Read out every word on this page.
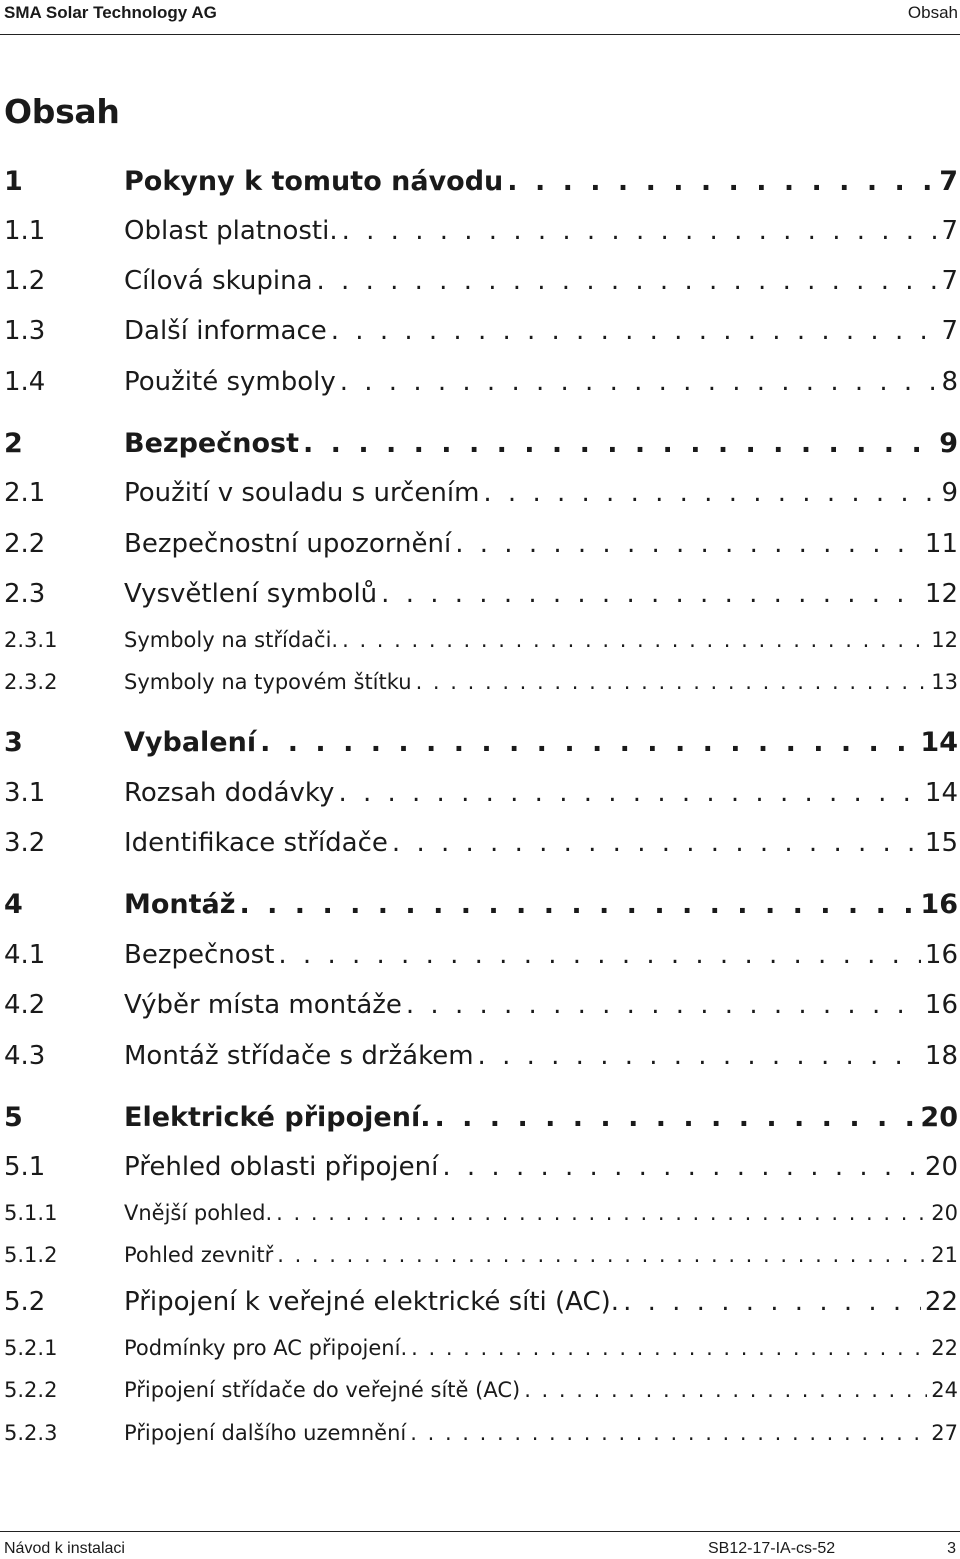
SMA Solar Technology AG	Obsah
Obsah
1	Pokyny k tomuto návodu . . .	7
1.1	Oblast platnosti. . . .	7
1.2	Cílová skupina . . .	7
1.3	Další informace . . .	7
1.4	Použité symboly . . .	8
2	Bezpečnost . . .	9
2.1	Použití v souladu s určením . . .	9
2.2	Bezpečnostní upozornění . . .	11
2.3	Vysvětlení symbolů . . .	12
2.3.1	Symboly na střídači. . . .	12
2.3.2	Symboly na typovém štítku . . .	13
3	Vybalení . . .	14
3.1	Rozsah dodávky . . .	14
3.2	Identifikace střídače . . .	15
4	Montáž . . .	16
4.1	Bezpečnost . . .	16
4.2	Výběr místa montáže . . .	16
4.3	Montáž střídače s držákem . . .	18
5	Elektrické připojení. . . .	20
5.1	Přehled oblasti připojení . . .	20
5.1.1	Vnější pohled. . . .	20
5.1.2	Pohled zevnitř . . .	21
5.2	Připojení k veřejné elektrické síti (AC). . . .	22
5.2.1	Podmínky pro AC připojení. . . .	22
5.2.2	Připojení střídače do veřejné sítě (AC) . . .	24
5.2.3	Připojení dalšího uzemnění . . .	27
Návod k instalaci	SB12-17-IA-cs-52	3
